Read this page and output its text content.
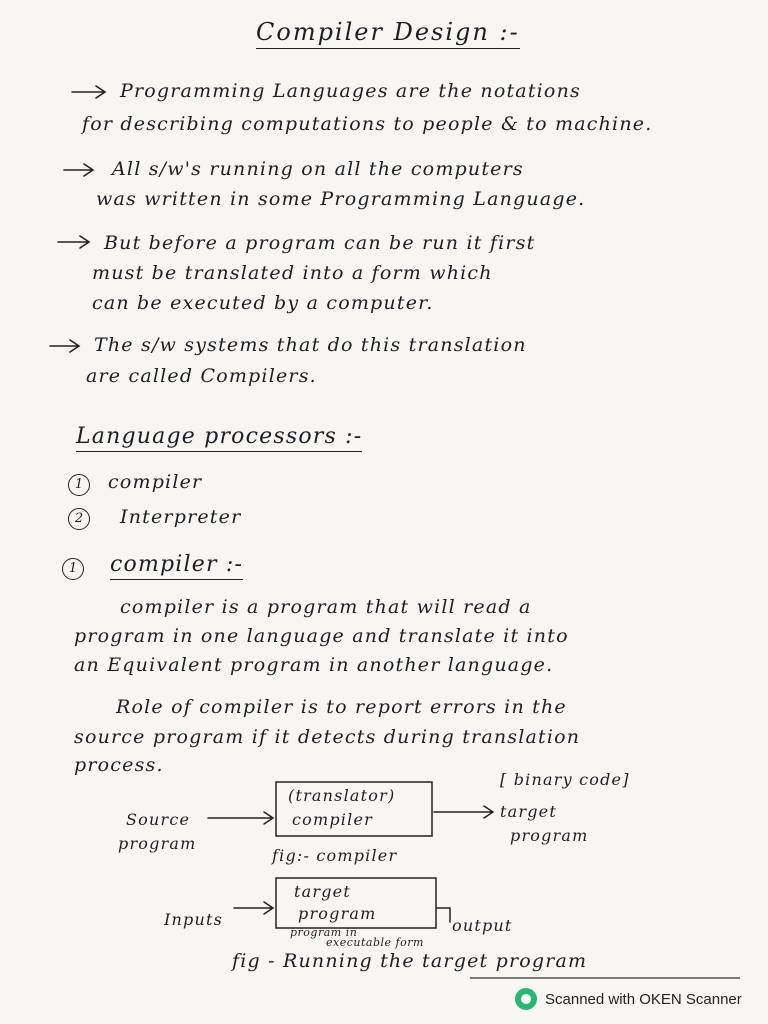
Compiler Design :-
Programming Languages are the notations
for describing computations to people & to machine.
All s/w's running on all the computers
was written in some Programming Language.
But before a program can be run it first
must be translated into a form which
can be executed by a computer.
The s/w systems that do this translation
are called Compilers.
Language processors :-
1	compiler
2	Interpreter
1	compiler :-
compiler is a program that will read a
program in one language and translate it into
an Equivalent program in another language.
Role of compiler is to report errors in the
source program if it detects during translation
process.
Source
program
(translator)
compiler
[ binary code]
target
program
fig:- compiler
Inputs
target
program
program in
executable form
output
fig - Running the target program
Scanned with OKEN Scanner
